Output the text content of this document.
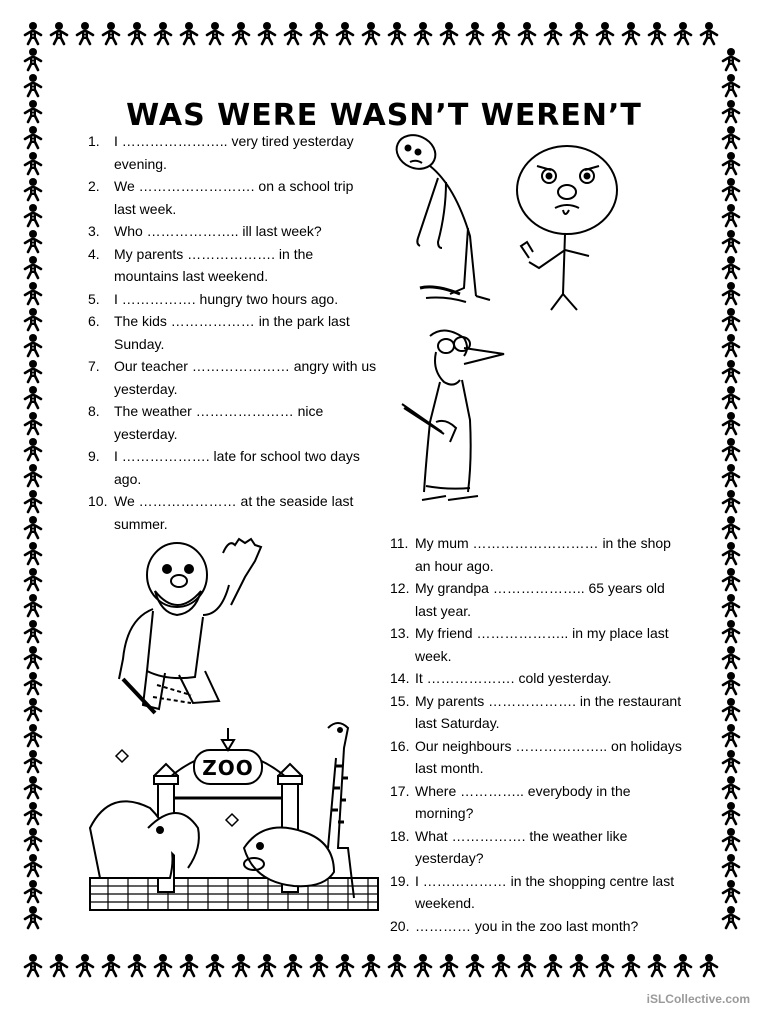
WAS WERE WASN’T WEREN’T
1. I ………………….. very tired yesterday evening.
2. We ……………………. on a school trip last week.
3. Who ……………….. ill last week?
4. My parents ………………. in the mountains last weekend.
5. I ……………. hungry two hours ago.
6. The kids ……………… in the park last Sunday.
7. Our teacher ………………… angry with us yesterday.
8. The weather ………………… nice yesterday.
9. I ………………. late for school two days ago.
10. We ………………… at the seaside last summer.
11. My mum ……………………… in the shop an hour ago.
12. My grandpa ……………….. 65 years old last year.
13. My friend ……………….. in my place last week.
14. It ………………. cold yesterday.
15. My parents ………………. in the restaurant last Saturday.
16. Our neighbours ……………….. on holidays last month.
17. Where ………….. everybody in the morning?
18. What ……………. the weather like yesterday?
19. I ……………… in the shopping centre last weekend.
20. ………… you in the zoo last month?
ZOO
iSLCollective.com
